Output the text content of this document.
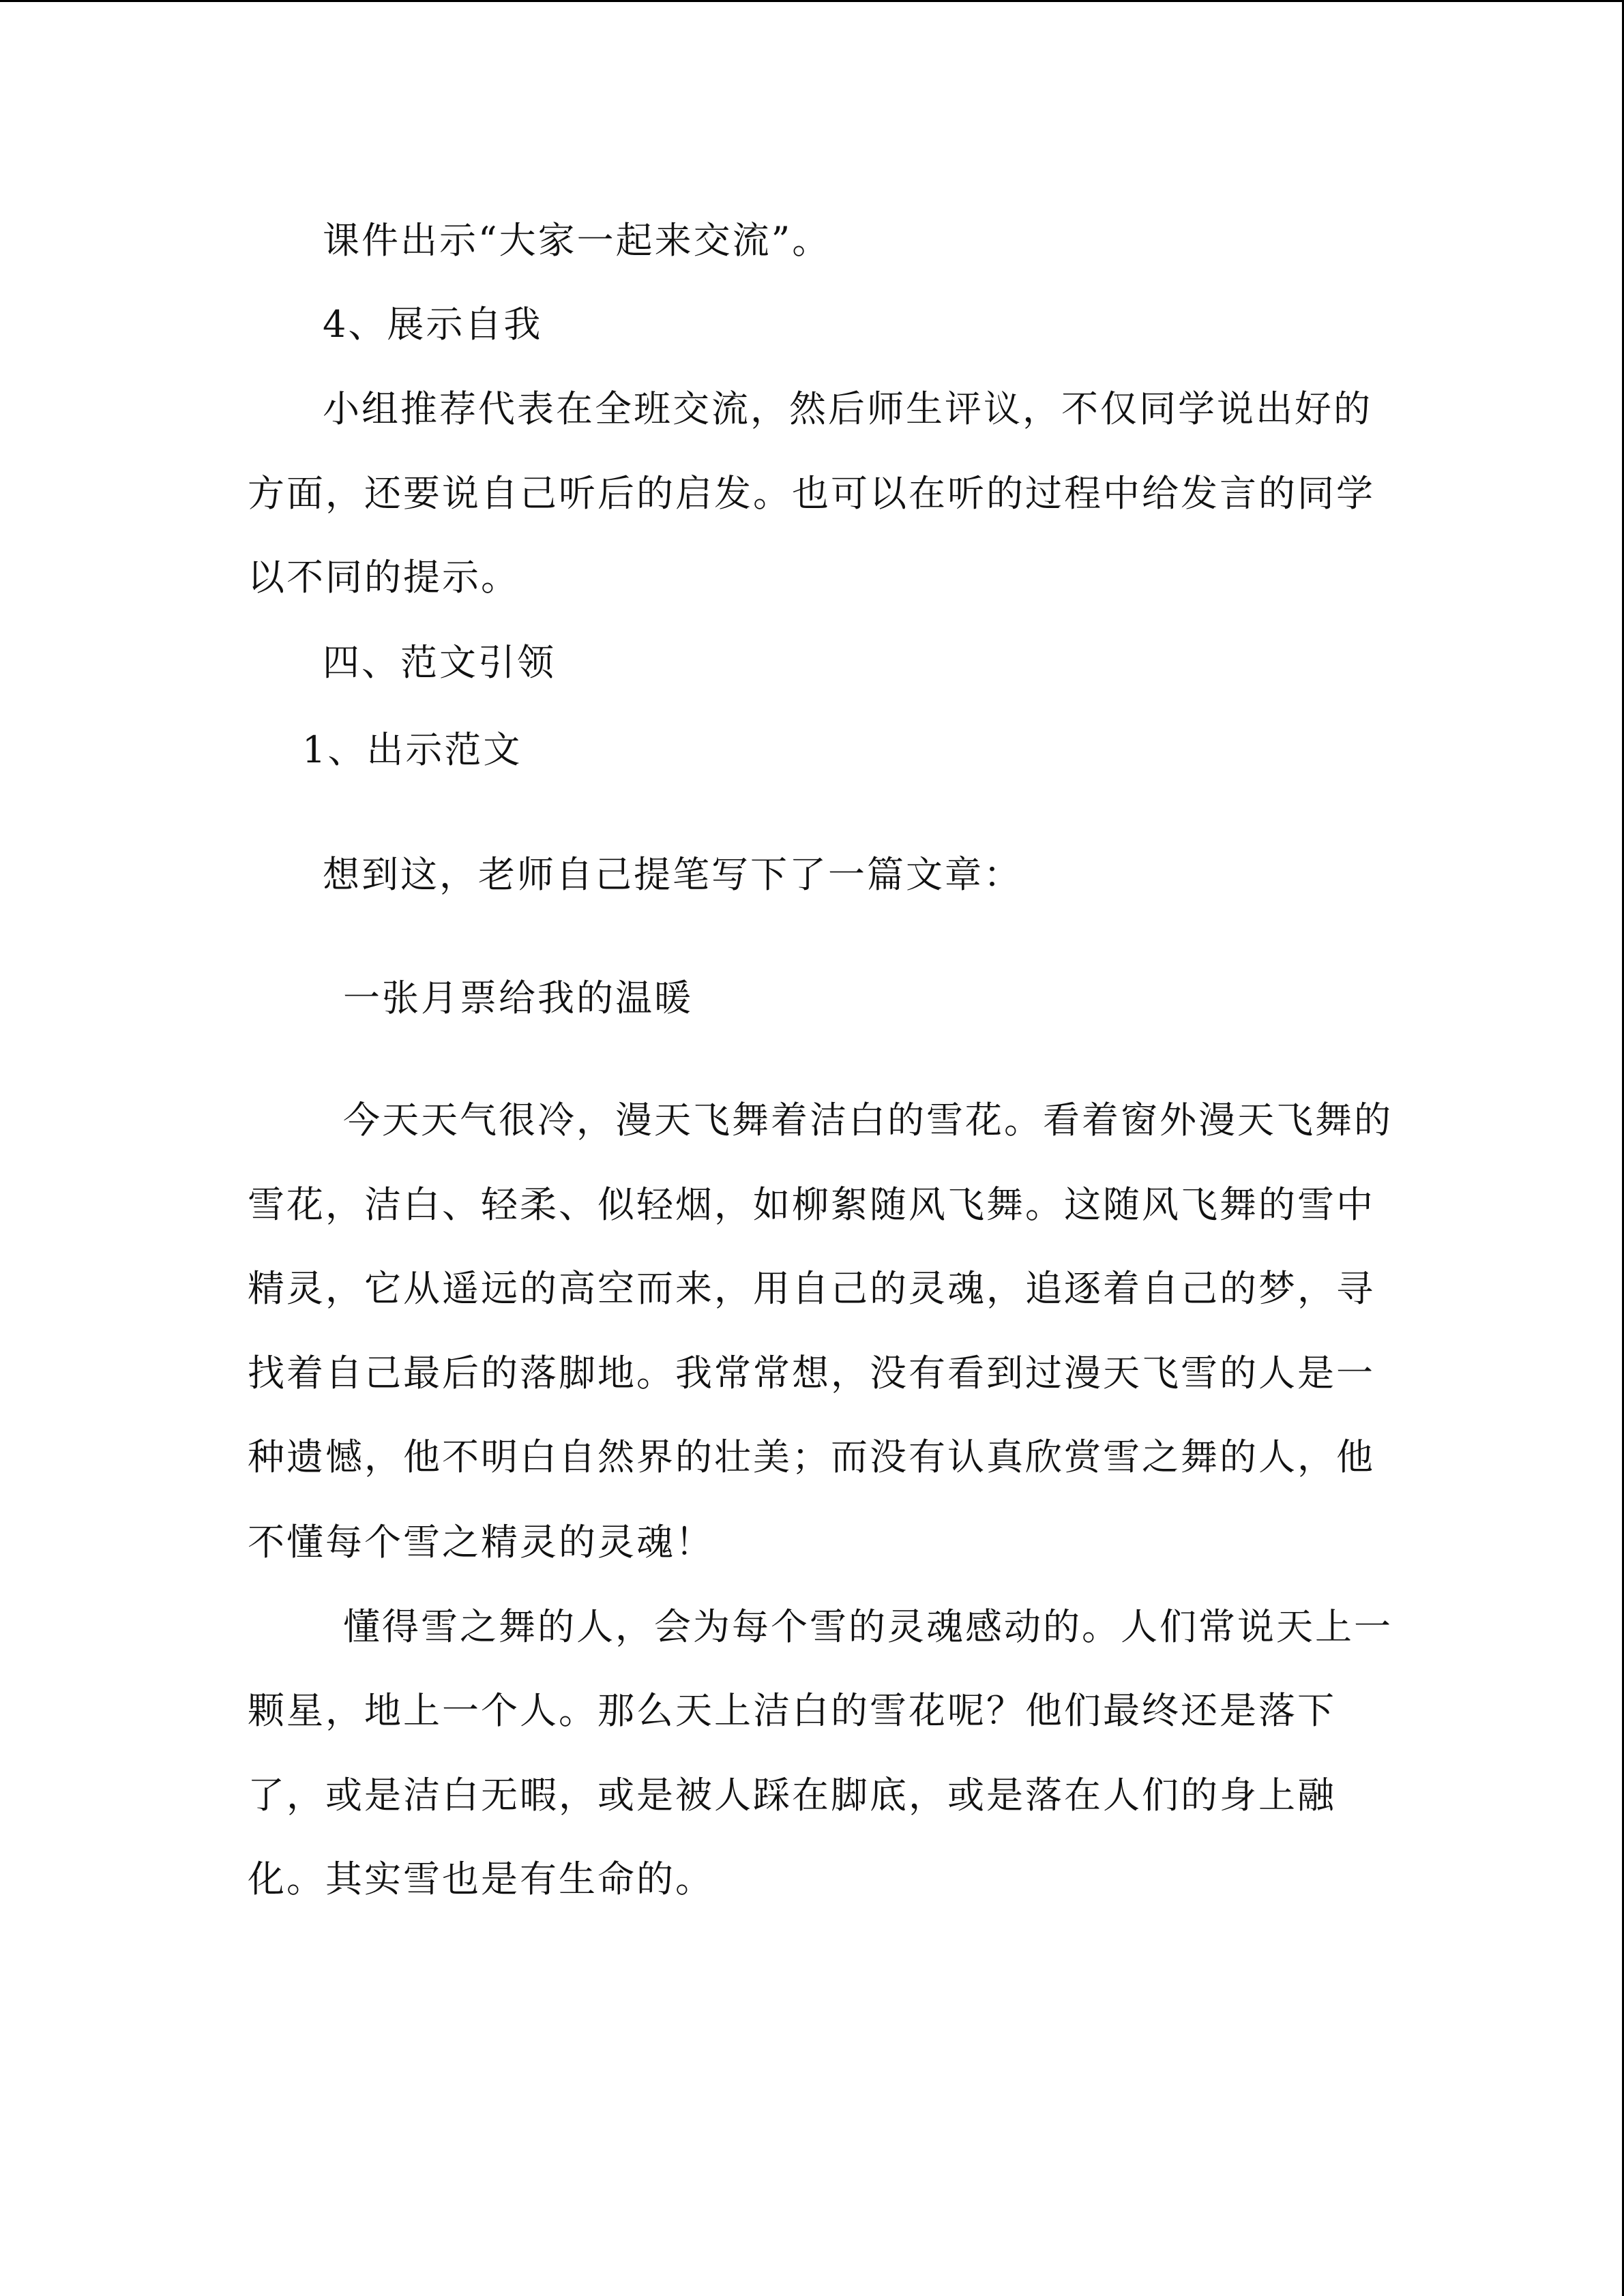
课件出示“大家一起来交流”。
4、展示自我
小组推荐代表在全班交流，然后师生评议，不仅同学说出好的
方面，还要说自己听后的启发。也可以在听的过程中给发言的同学
以不同的提示。
四、范文引领
1、出示范文
想到这，老师自己提笔写下了一篇文章：
一张月票给我的温暖
今天天气很冷，漫天飞舞着洁白的雪花。看着窗外漫天飞舞的
雪花，洁白、轻柔、似轻烟，如柳絮随风飞舞。这随风飞舞的雪中
精灵，它从遥远的高空而来，用自己的灵魂，追逐着自己的梦，寻
找着自己最后的落脚地。我常常想，没有看到过漫天飞雪的人是一
种遗憾，他不明白自然界的壮美；而没有认真欣赏雪之舞的人，他
不懂每个雪之精灵的灵魂！
懂得雪之舞的人，会为每个雪的灵魂感动的。人们常说天上一
颗星，地上一个人。那么天上洁白的雪花呢？他们最终还是落下
了，或是洁白无暇，或是被人踩在脚底，或是落在人们的身上融
化。其实雪也是有生命的。
